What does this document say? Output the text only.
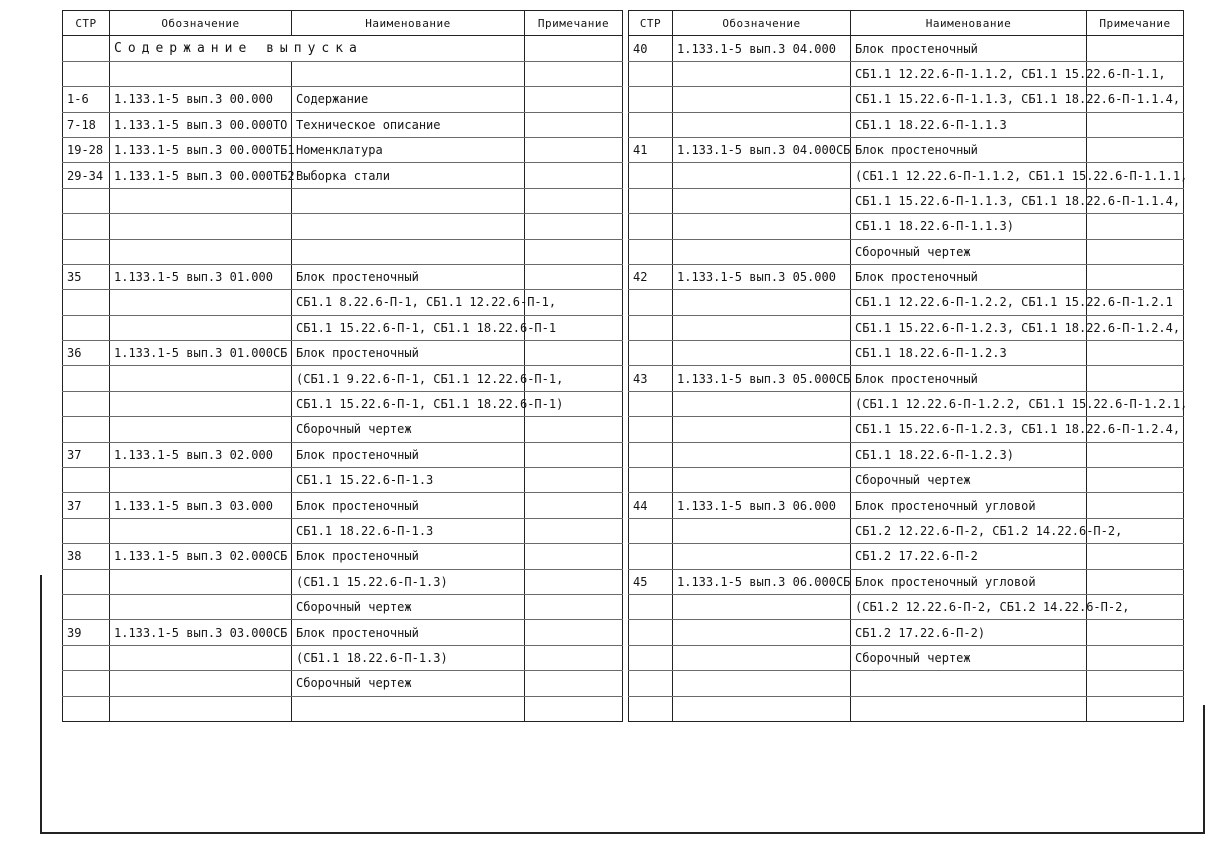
СТР	Обозначение	Наименование	Примечание
	Содержание выпуска		

1-6	1.133.1-5 вып.3 00.000	Содержание	
7-18	1.133.1-5 вып.3 00.000ТО	Техническое описание	
19-28	1.133.1-5 вып.3 00.000ТБ1	Номенклатура	
29-34	1.133.1-5 вып.3 00.000ТБ2	Выборка стали	

35	1.133.1-5 вып.3 01.000	Блок простеночный	
		СБ1.1 8.22.6-П-1, СБ1.1 12.22.6-П-1,	
		СБ1.1 15.22.6-П-1, СБ1.1 18.22.6-П-1	
36	1.133.1-5 вып.3 01.000СБ	Блок простеночный	
		(СБ1.1 9.22.6-П-1, СБ1.1 12.22.6-П-1,	
		СБ1.1 15.22.6-П-1, СБ1.1 18.22.6-П-1)	
		Сборочный чертеж	
37	1.133.1-5 вып.3 02.000	Блок простеночный	
		СБ1.1 15.22.6-П-1.3	
37	1.133.1-5 вып.3 03.000	Блок простеночный	
		СБ1.1 18.22.6-П-1.3	
38	1.133.1-5 вып.3 02.000СБ	Блок простеночный	
		(СБ1.1 15.22.6-П-1.3)	
		Сборочный чертеж	
39	1.133.1-5 вып.3 03.000СБ	Блок простеночный	
		(СБ1.1 18.22.6-П-1.3)	
		Сборочный чертеж	

СТР	Обозначение	Наименование	Примечание
40	1.133.1-5 вып.3 04.000	Блок простеночный	
		СБ1.1 12.22.6-П-1.1.2, СБ1.1 15.22.6-П-1.1,	
		СБ1.1 15.22.6-П-1.1.3, СБ1.1 18.22.6-П-1.1.4,	
		СБ1.1 18.22.6-П-1.1.3	
41	1.133.1-5 вып.3 04.000СБ	Блок простеночный	
		(СБ1.1 12.22.6-П-1.1.2, СБ1.1 15.22.6-П-1.1.1,	
		СБ1.1 15.22.6-П-1.1.3, СБ1.1 18.22.6-П-1.1.4,	
		СБ1.1 18.22.6-П-1.1.3)	
		Сборочный чертеж	
42	1.133.1-5 вып.3 05.000	Блок простеночный	
		СБ1.1 12.22.6-П-1.2.2, СБ1.1 15.22.6-П-1.2.1	
		СБ1.1 15.22.6-П-1.2.3, СБ1.1 18.22.6-П-1.2.4,	
		СБ1.1 18.22.6-П-1.2.3	
43	1.133.1-5 вып.3 05.000СБ	Блок простеночный	
		(СБ1.1 12.22.6-П-1.2.2, СБ1.1 15.22.6-П-1.2.1,	
		СБ1.1 15.22.6-П-1.2.3, СБ1.1 18.22.6-П-1.2.4,	
		СБ1.1 18.22.6-П-1.2.3)	
		Сборочный чертеж	
44	1.133.1-5 вып.3 06.000	Блок простеночный угловой	
		СБ1.2 12.22.6-П-2, СБ1.2 14.22.6-П-2,	
		СБ1.2 17.22.6-П-2	
45	1.133.1-5 вып.3 06.000СБ	Блок простеночный угловой	
		(СБ1.2 12.22.6-П-2, СБ1.2 14.22.6-П-2,	
		СБ1.2 17.22.6-П-2)	
		Сборочный чертеж	
